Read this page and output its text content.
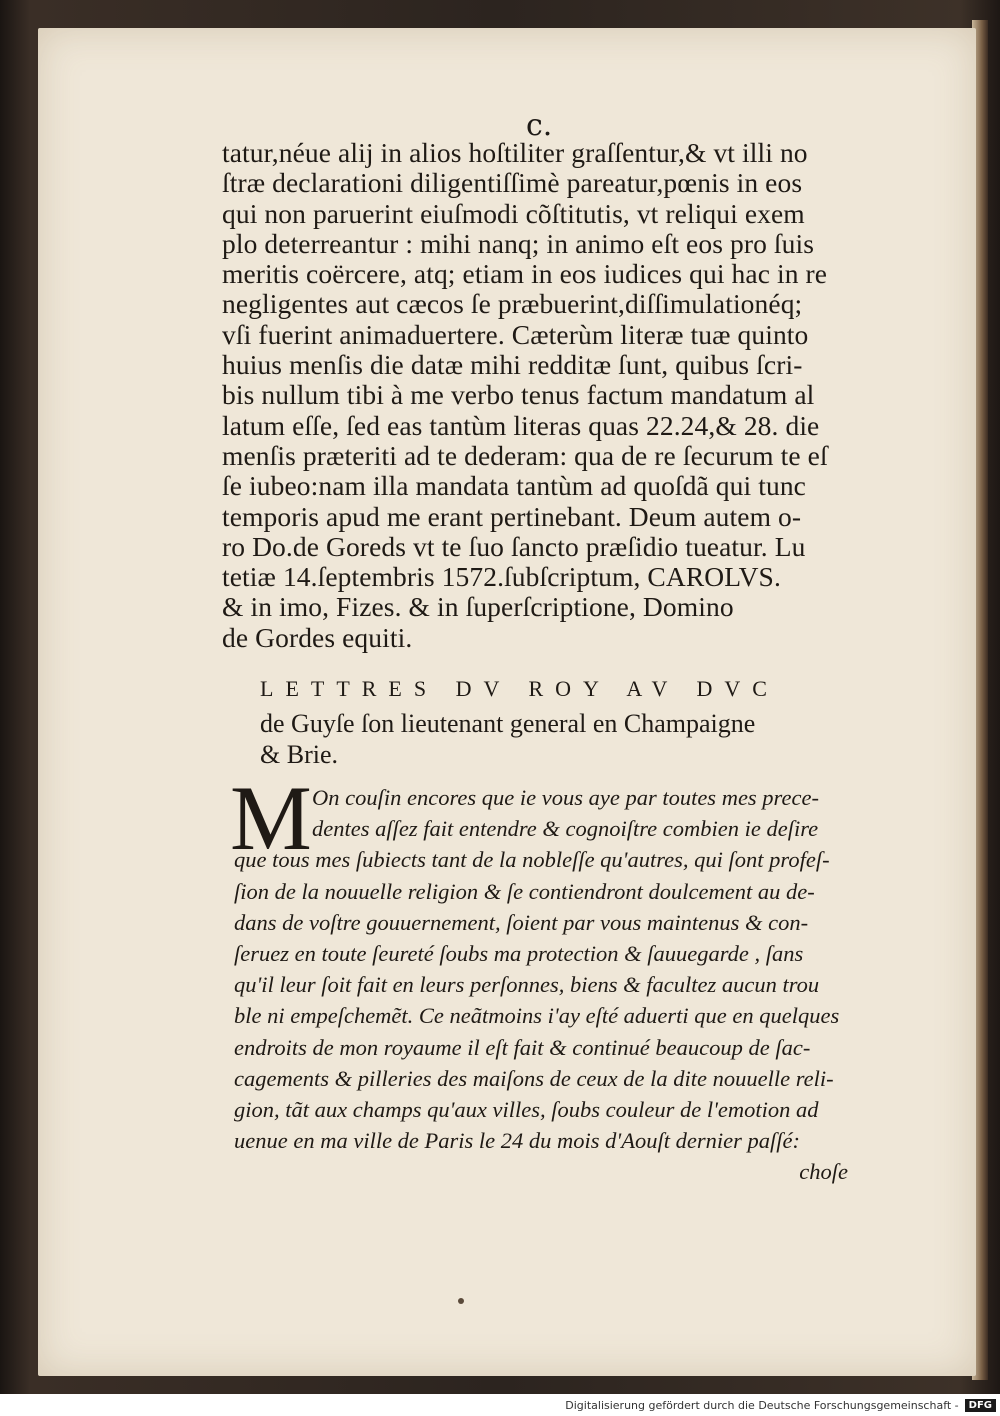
c.
tatur,néue alij in alios hoſtiliter graſſentur,& vt illi no
ſtræ declarationi diligentiſſimè pareatur,pœnis in eos
qui non paruerint eiuſmodi cõſtitutis, vt reliqui exem
plo deterreantur : mihi nanq; in animo eſt eos pro ſuis
meritis coërcere, atq; etiam in eos iudices qui hac in re
negligentes aut cæcos ſe præbuerint,diſſimulationéq;
vſi fuerint animaduertere. Cæterùm literæ tuæ quinto
huius menſis die datæ mihi redditæ ſunt, quibus ſcri-
bis nullum tibi à me verbo tenus factum mandatum al
latum eſſe, ſed eas tantùm literas quas 22.24,& 28. die
menſis præteriti ad te dederam: qua de re ſecurum te eſ
ſe iubeo:nam illa mandata tantùm ad quoſdã qui tunc
temporis apud me erant pertinebant. Deum autem o-
ro Do.de Goreds vt te ſuo ſancto præſidio tueatur. Lu
tetiæ 14.ſeptembris 1572.ſubſcriptum, CAROLVS.
& in imo, Fizes. & in ſuperſcriptione, Domino
de Gordes equiti.
LETTRES DV ROY AV DVC
de Guyſe ſon lieutenant general en Champaigne
& Brie.
M On couſin encores que ie vous aye par toutes mes prece-
dentes aſſez fait entendre & cognoiſtre combien ie deſire
que tous mes ſubiects tant de la nobleſſe qu'autres, qui ſont profeſ-
ſion de la nouuelle religion & ſe contiendront doulcement au de-
dans de voſtre gouuernement, ſoient par vous maintenus & con-
ſeruez en toute ſeureté ſoubs ma protection & ſauuegarde , ſans
qu'il leur ſoit fait en leurs perſonnes, biens & facultez aucun trou
ble ni empeſchemẽt. Ce neãtmoins i'ay eſté aduerti que en quelques
endroits de mon royaume il eſt fait & continué beaucoup de ſac-
cagements & pilleries des maiſons de ceux de la dite nouuelle reli-
gion, tãt aux champs qu'aux villes, ſoubs couleur de l'emotion ad
uenue en ma ville de Paris le 24 du mois d'Aouſt dernier paſſé:
choſe
Digitalisierung gefördert durch die Deutsche Forschungsgemeinschaft -	DFG
